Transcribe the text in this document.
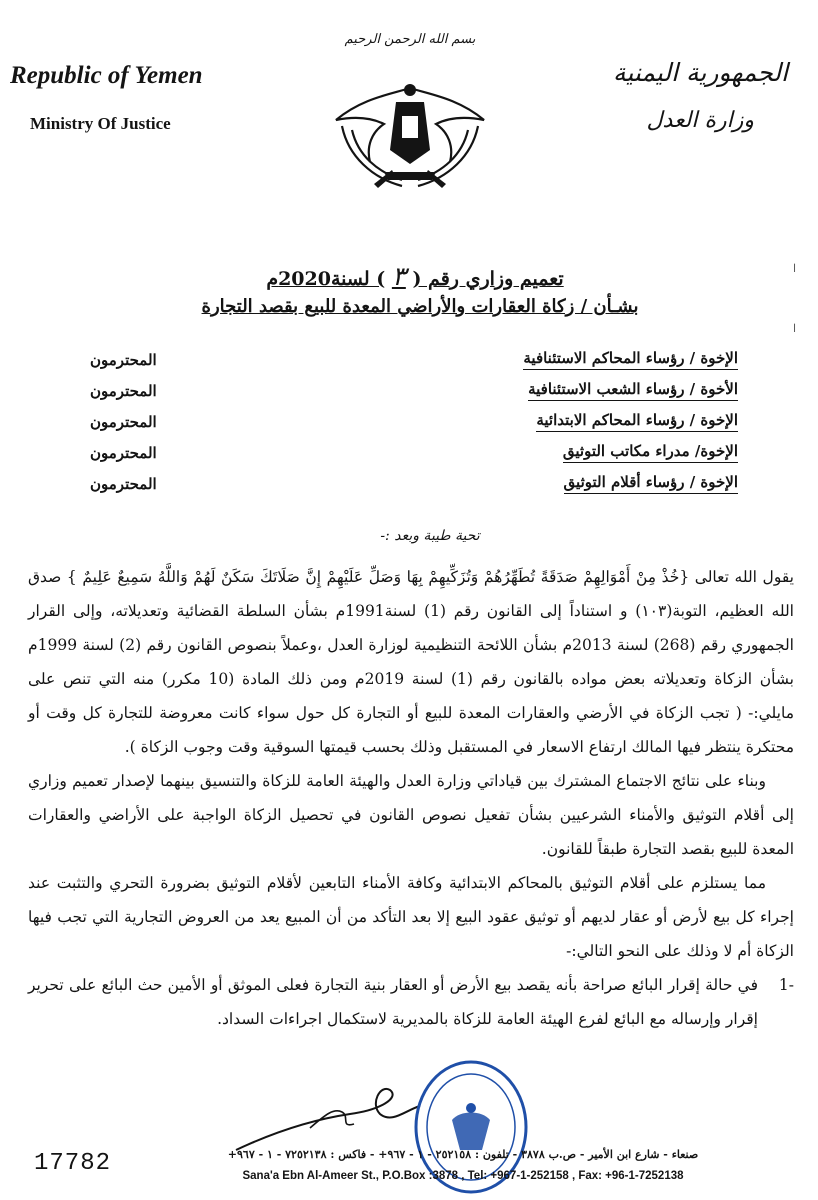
Republic of Yemen
Ministry Of Justice
الجمهورية اليمنية
وزارة العدل
بسم الله الرحمن الرحيم
ا
ا
تعميم وزاري رقم ( ٣ ) لسنة2020م
بشـأن / زكاة العقارات والأراضي المعدة للبيع بقصد التجارة
الإخوة / رؤساء المحاكم الاستئنافية
المحترمون
الأخوة / رؤساء الشعب الاستئنافية
المحترمون
الإخوة / رؤساء المحاكم الابتدائية
المحترمون
الإخوة/ مدراء مكاتب التوثيق
المحترمون
الإخوة / رؤساء أقلام التوثيق
المحترمون
تحية طيبة وبعد :-

يقول الله تعالى {خُذْ مِنْ أَمْوَالِهِمْ صَدَقَةً تُطَهِّرُهُمْ وَتُزَكِّيهِمْ بِهَا وَصَلِّ عَلَيْهِمْ إِنَّ صَلَاتَكَ سَكَنٌ لَهُمْ وَاللَّهُ سَمِيعٌ عَلِيمٌ } صدق الله العظيم، التوبة(١٠٣) و استناداً إلى القانون رقم (1) لسنة1991م بشأن السلطة القضائية وتعديلاته، وإلى القرار الجمهوري رقم (268) لسنة 2013م بشأن اللائحة التنظيمية لوزارة العدل ،وعملاً بنصوص القانون رقم (2) لسنة 1999م بشأن الزكاة وتعديلاته بعض مواده بالقانون رقم (1) لسنة 2019م ومن ذلك المادة (10 مكرر) منه التي تنص على مايلي:- ( تجب الزكاة في الأرضي والعقارات المعدة للبيع أو التجارة كل حول سواء كانت معروضة للتجارة كل وقت أو محتكرة ينتظر فيها المالك ارتفاع الاسعار في المستقبل وذلك بحسب قيمتها السوقية وقت وجوب الزكاة ).

وبناء على نتائج الاجتماع المشترك بين قياداتي وزارة العدل والهيئة العامة للزكاة والتنسيق بينهما لإصدار تعميم وزاري إلى أقلام التوثيق والأمناء الشرعيين بشأن تفعيل نصوص القانون في تحصيل الزكاة الواجبة على الأراضي والعقارات المعدة للبيع بقصد التجارة طبقاً للقانون.

مما يستلزم على أقلام التوثيق بالمحاكم الابتدائية وكافة الأمناء التابعين لأقلام التوثيق بضرورة التحري والتثبت عند إجراء كل بيع لأرض أو عقار لديهم أو توثيق عقود البيع إلا بعد التأكد من أن المبيع يعد من العروض التجارية التي تجب فيها الزكاة أم لا وذلك على النحو التالي:-

-1
في حالة إقرار البائع صراحة بأنه يقصد بيع الأرض أو العقار بنية التجارة فعلى الموثق أو الأمين حث البائع على تحرير إقرار وإرساله مع البائع لفرع الهيئة العامة للزكاة بالمديرية لاستكمال اجراءات السداد.

17782	صنعاء - شارع ابن الأمير - ص.ب ٣٨٧٨ - تلفون : ٢٥٢١٥٨ - ١ - ٩٦٧+ - فاكس : ٧٢٥٢١٣٨ - ١ - ٩٦٧+
Sana'a Ebn Al-Ameer St., P.O.Box :3878 , Tel: +967-1-252158 , Fax: +96-1-7252138
